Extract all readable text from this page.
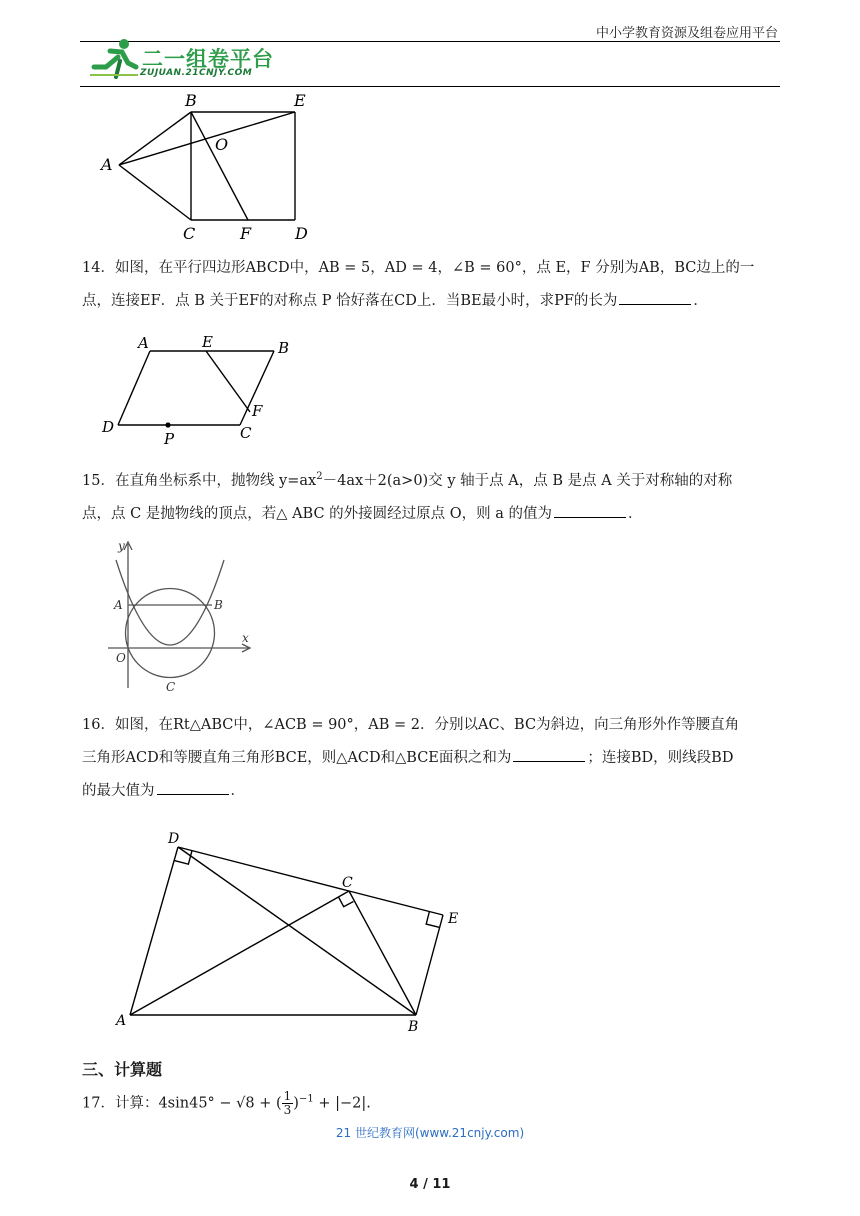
中小学教育资源及组卷应用平台
二一组卷平台
ZUJUAN.21CNJY.COM
B	E
O
A
C	F	D
14．如图，在平行四边形ABCD中，AB = 5，AD = 4，∠B = 60°，点 E，F 分别为AB，BC边上的一
点，连接EF．点 B 关于EF的对称点 P 恰好落在CD上．当BE最小时，求PF的长为	．
A	E	B
F
D
P	C
15．在直角坐标系中，抛物线 $y=ax^2-4ax+2(a>0)$交 y 轴于点 A，点 B 是点 A 关于对称轴的对称
点，点 C 是抛物线的顶点，若△ ABC 的外接圆经过原点 O，则 a 的值为	．
y
x
A	B
O
C
16．如图，在Rt△ABC中，∠ACB = 90°，AB = 2．分别以AC、BC为斜边，向三角形外作等腰直角
三角形ACD和等腰直角三角形BCE，则△ACD和△BCE面积之和为	；连接BD，则线段BD
的最大值为	．
D
C
E
A	B
三、计算题
17．计算：4sin45° − √8 + ( $\frac{1}{3})^{-1} + |-2|$.
21 世纪教育网(www.21cnjy.com)
4 / 11
